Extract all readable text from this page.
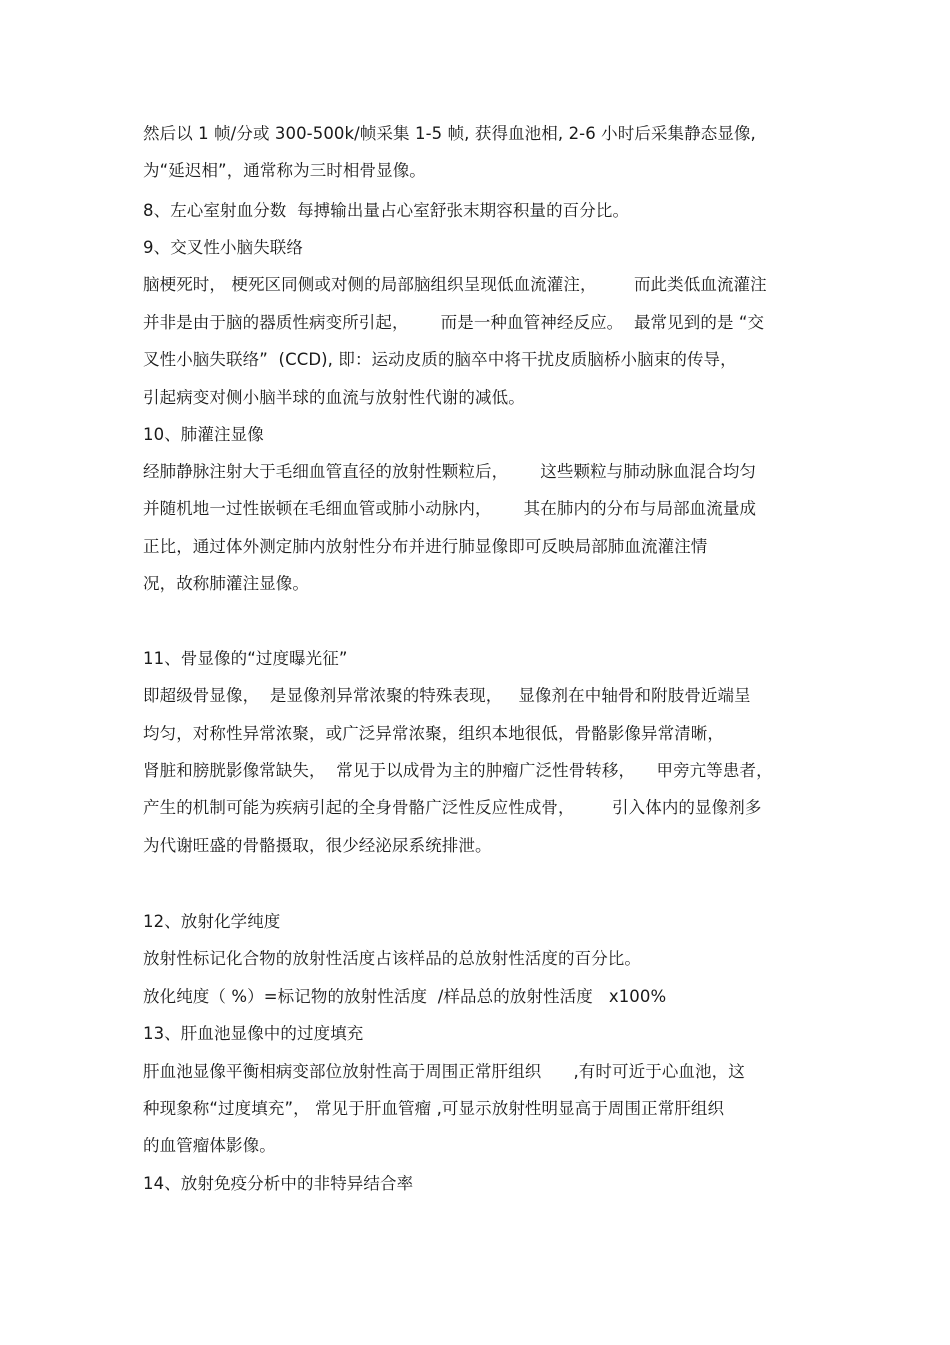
然后以 1 帧/分或 300-500k/帧采集 1-5 帧, 获得血池相, 2-6 小时后采集静态显像,
为“延迟相”，通常称为三时相骨显像。
8、左心室射血分数  每搏输出量占心室舒张末期容积量的百分比。
9、交叉性小脑失联络
脑梗死时， 梗死区同侧或对侧的局部脑组织呈现低血流灌注，       而此类低血流灌注
并非是由于脑的器质性病变所引起，      而是一种血管神经反应。  最常见到的是 “交
叉性小脑失联络”  (CCD), 即：运动皮质的脑卒中将干扰皮质脑桥小脑束的传导，
引起病变对侧小脑半球的血流与放射性代谢的减低。
10、肺灌注显像
经肺静脉注射大于毛细血管直径的放射性颗粒后，      这些颗粒与肺动脉血混合均匀
并随机地一过性嵌顿在毛细血管或肺小动脉内，      其在肺内的分布与局部血流量成
正比，通过体外测定肺内放射性分布并进行肺显像即可反映局部肺血流灌注情
况，故称肺灌注显像。
11、骨显像的“过度曝光征”
即超级骨显像，  是显像剂异常浓聚的特殊表现，   显像剂在中轴骨和附肢骨近端呈
均匀，对称性异常浓聚，或广泛异常浓聚，组织本地很低，骨骼影像异常清晰，
肾脏和膀胱影像常缺失，  常见于以成骨为主的肿瘤广泛性骨转移，    甲旁亢等患者，
产生的机制可能为疾病引起的全身骨骼广泛性反应性成骨，       引入体内的显像剂多
为代谢旺盛的骨骼摄取，很少经泌尿系统排泄。
12、放射化学纯度
放射性标记化合物的放射性活度占该样品的总放射性活度的百分比。
放化纯度（ %）=标记物的放射性活度  /样品总的放射性活度   x100%
13、肝血池显像中的过度填充
肝血池显像平衡相病变部位放射性高于周围正常肝组织      ,有时可近于心血池，这
种现象称“过度填充”， 常见于肝血管瘤 ,可显示放射性明显高于周围正常肝组织
的血管瘤体影像。
14、放射免疫分析中的非特异结合率
